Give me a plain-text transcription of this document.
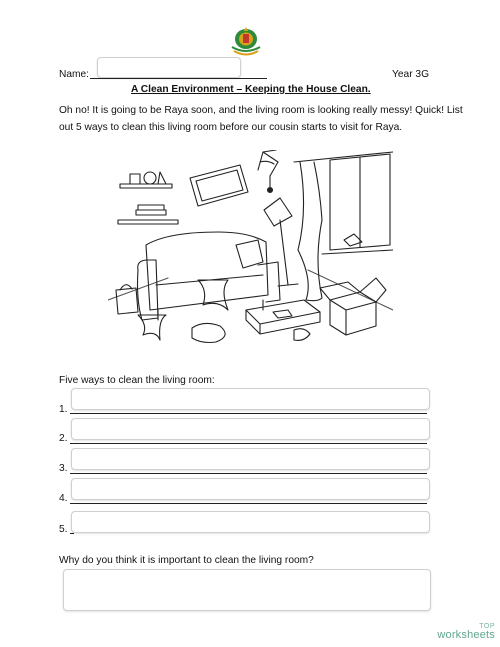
Name:	Year 3G
A Clean Environment – Keeping the House Clean.
Oh no! It is going to be Raya soon, and the living room is looking really messy! Quick! List out 5 ways to clean this living room before our cousin starts to visit for Raya.
Five ways to clean the living room:
1.
2.
3.
4.
5.
Why do you think it is important to clean the living room?
TOP
worksheets
